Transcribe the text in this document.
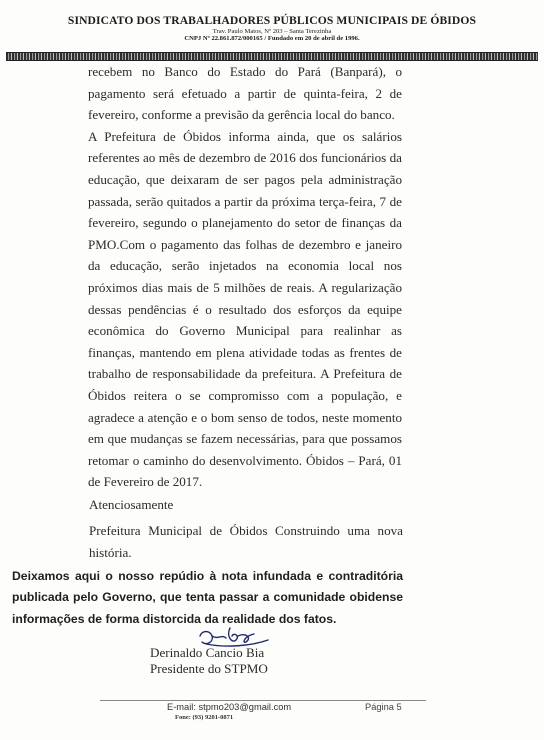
SINDICATO DOS TRABALHADORES PÚBLICOS MUNICIPAIS DE ÓBIDOS
Trav. Paulo Matos, Nº 203 – Santa Terezinha
CNPJ Nº 22.861.872/000165 / Fundado em 20 de abril de 1996.

recebem no Banco do Estado do Pará (Banpará), o pagamento será efetuado a partir de quinta-feira, 2 de fevereiro, conforme a previsão da gerência local do banco.

A Prefeitura de Óbidos informa ainda, que os salários referentes ao mês de dezembro de 2016 dos funcionários da educação, que deixaram de ser pagos pela administração passada, serão quitados a partir da próxima terça-feira, 7 de fevereiro, segundo o planejamento do setor de finanças da PMO.Com o pagamento das folhas de dezembro e janeiro da educação, serão injetados na economia local nos próximos dias mais de 5 milhões de reais. A regularização dessas pendências é o resultado dos esforços da equipe econômica do Governo Municipal para realinhar as finanças, mantendo em plena atividade todas as frentes de trabalho de responsabilidade da prefeitura. A Prefeitura de Óbidos reitera o se compromisso com a população, e agradece a atenção e o bom senso de todos, neste momento em que mudanças se fazem necessárias, para que possamos retomar o caminho do desenvolvimento. Óbidos – Pará, 01 de Fevereiro de 2017.

Atenciosamente
Prefeitura Municipal de Óbidos Construindo uma nova história.
Deixamos aqui o nosso repúdio à nota infundada e contraditória publicada pelo Governo, que tenta passar a comunidade obidense informações de forma distorcida da realidade dos fatos.
Derinaldo Cancio Bia
Presidente do STPMO
E-mail: stpmo203@gmail.com
Fone: (93) 9201-0871
Página 5
